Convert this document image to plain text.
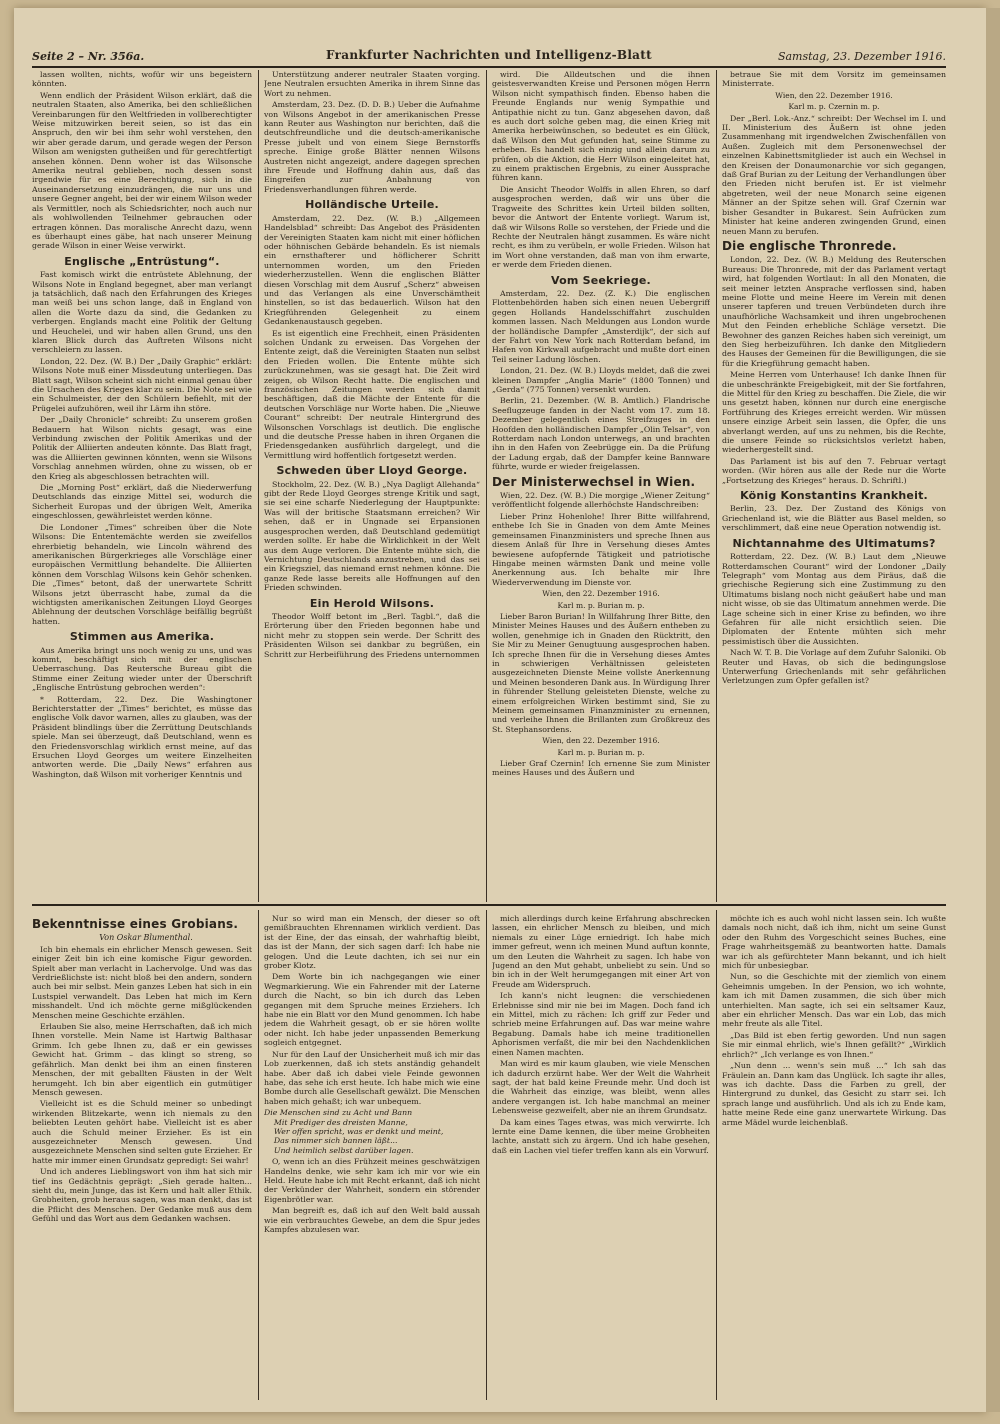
Seite 2 – Nr. 356a.	Frankfurter Nachrichten und Intelligenz-Blatt	Samstag, 23. Dezember 1916.

lassen wollten, nichts, wofür wir uns begeistern könnten.

Wenn endlich der Präsident Wilson erklärt, daß die neutralen Staaten, also Amerika, bei den schließlichen Vereinbarungen für den Weltfrieden in vollberechtigter Weise mitzuwirken bereit seien, so ist das ein Anspruch, den wir bei ihm sehr wohl verstehen, den wir aber gerade darum, und gerade wegen der Person Wilson am wenigsten gutheißen und für gerechtfertigt ansehen können. Denn woher ist das Wilsonsche Amerika neutral geblieben, noch dessen sonst irgendwie für es eine Berechtigung, sich in die Auseinandersetzung einzudrängen, die nur uns und unsere Gegner angeht, bei der wir einem Wilson weder als Vermittler, noch als Schiedsrichter, noch auch nur als wohlwollenden Teilnehmer gebrauchen oder ertragen können. Das moralische Anrecht dazu, wenn es überhaupt eines gäbe, hat nach unserer Meinung gerade Wilson in einer Weise verwirkt.

Englische „Entrüstung“.

Fast komisch wirkt die entrüstete Ablehnung, der Wilsons Note in England begegnet, aber man verlangt ja tatsächlich, daß nach den Erfahrungen des Krieges man weiß bei uns schon lange, daß in England von allen die Worte dazu da sind, die Gedanken zu verbergen. Englands macht eine Politik der Geltung und Heuchelei, und wir haben allen Grund, uns den klaren Blick durch das Auftreten Wilsons nicht verschleiern zu lassen.

London, 22. Dez. (W. B.) Der „Daily Graphic“ erklärt: Wilsons Note muß einer Missdeutung unterliegen. Das Blatt sagt, Wilson scheint sich nicht einmal genau über die Ursachen des Krieges klar zu sein. Die Note sei wie ein Schulmeister, der den Schülern befiehlt, mit der Prügelei aufzuhören, weil ihr Lärm ihn störe.

Der „Daily Chronicle“ schreibt: Zu unserem großen Bedauern hat Wilson nichts gesagt, was eine Verbindung zwischen der Politik Amerikas und der Politik der Alliierten andeuten könnte. Das Blatt fragt, was die Alliierten gewinnen könnten, wenn sie Wilsons Vorschlag annehmen würden, ohne zu wissen, ob er den Krieg als abgeschlossen betrachten will.

Die „Morning Post“ erklärt, daß die Niederwerfung Deutschlands das einzige Mittel sei, wodurch die Sicherheit Europas und der übrigen Welt, Amerika eingeschlossen, gewährleistet werden könne.

Die Londoner „Times“ schreiben über die Note Wilsons: Die Ententemächte werden sie zweifellos ehrerbietig behandeln, wie Lincoln während des amerikanischen Bürgerkrieges alle Vorschläge einer europäischen Vermittlung behandelte. Die Alliierten können dem Vorschlag Wilsons kein Gehör schenken. Die „Times“ betont, daß der unerwartete Schritt Wilsons jetzt überrascht habe, zumal da die wichtigsten amerikanischen Zeitungen Lloyd Georges Ablehnung der deutschen Vorschläge beifällig begrüßt hatten.

Stimmen aus Amerika.

Aus Amerika bringt uns noch wenig zu uns, und was kommt, beschäftigt sich mit der englischen Ueberraschung. Das Reutersche Bureau gibt die Stimme einer Zeitung wieder unter der Überschrift „Englische Entrüstung gebrochen werden“:

* Rotterdam, 22. Dez. Die Washingtoner Berichterstatter der „Times“ berichtet, es müsse das englische Volk davor warnen, alles zu glauben, was der Präsident blindlings über die Zerrüttung Deutschlands spiele. Man sei überzeugt, daß Deutschland, wenn es den Friedensvorschlag wirklich ernst meine, auf das Ersuchen Lloyd Georges um weitere Einzelheiten antworten werde. Die „Daily News“ erfahren aus Washington, daß Wilson mit vorheriger Kenntnis und

Unterstützung anderer neutraler Staaten vorging. Jene Neutralen ersuchten Amerika in ihrem Sinne das Wort zu nehmen.

Amsterdam, 23. Dez. (D. D. B.) Ueber die Aufnahme von Wilsons Angebot in der amerikanischen Presse kann Reuter aus Washington nur berichten, daß die deutschfreundliche und die deutsch-amerikanische Presse jubelt und von einem Siege Bernstorffs spreche. Einige große Blätter nennen Wilsons Austreten nicht angezeigt, andere dagegen sprechen ihre Freude und Hoffnung dahin aus, daß das Eingreifen zur Anbahnung von Friedensverhandlungen führen werde.

Holländische Urteile.

Amsterdam, 22. Dez. (W. B.) „Allgemeen Handelsblad“ schreibt: Das Angebot des Präsidenten der Vereinigten Staaten kam nicht mit einer höflichen oder höhnischen Gebärde behandeln. Es ist niemals ein ernsthafterer und höflicherer Schritt unternommen worden, um den Frieden wiederherzustellen. Wenn die englischen Blätter diesen Vorschlag mit dem Ausruf „Scherz“ abweisen und das Verlangen als eine Unverschämtheit hinstellen, so ist das bedauerlich. Wilson hat den Kriegführenden Gelegenheit zu einem Gedankenaustausch gegeben.

Es ist eigentlich eine Frechheit, einen Präsidenten solchen Undank zu erweisen. Das Vorgehen der Entente zeigt, daß die Vereinigten Staaten nun selbst den Frieden wollen. Die Entente mühte sich zurückzunehmen, was sie gesagt hat. Die Zeit wird zeigen, ob Wilson Recht hatte. Die englischen und französischen Zeitungen werden sich damit beschäftigen, daß die Mächte der Entente für die deutschen Vorschläge nur Worte haben. Die „Nieuwe Courant“ schreibt: Der neutrale Hintergrund des Wilsonschen Vorschlags ist deutlich. Die englische und die deutsche Presse haben in ihren Organen die Friedensgedanken ausführlich dargelegt, und die Vermittlung wird hoffentlich fortgesetzt werden.

Schweden über Lloyd George.

Stockholm, 22. Dez. (W. B.) „Nya Dagligt Allehanda“ gibt der Rede Lloyd Georges strenge Kritik und sagt, sie sei eine scharfe Niederlegung der Hauptpunkte: Was will der britische Staatsmann erreichen? Wir sehen, daß er in Ungnade sei Erpansionen ausgesprochen werden, daß Deutschland gedemütigt werden sollte. Er habe die Wirklichkeit in der Welt aus dem Auge verloren. Die Entente mühte sich, die Vernichtung Deutschlands anzustreben, und das sei ein Kriegsziel, das niemand ernst nehmen könne. Die ganze Rede lasse bereits alle Hoffnungen auf den Frieden schwinden.

Ein Herold Wilsons.

Theodor Wolff betont im „Berl. Tagbl.“, daß die Erörterung über den Frieden begonnen habe und nicht mehr zu stoppen sein werde. Der Schritt des Präsidenten Wilson sei dankbar zu begrüßen, ein Schritt zur Herbeiführung des Friedens unternommen

wird. Die Alldeutschen und die ihnen geistesverwandten Kreise und Personen mögen Herrn Wilson nicht sympathisch finden. Ebenso haben die Freunde Englands nur wenig Sympathie und Antipathie nicht zu tun. Ganz abgesehen davon, daß es auch dort solche geben mag, die einen Krieg mit Amerika herbeiwünschen, so bedeutet es ein Glück, daß Wilson den Mut gefunden hat, seine Stimme zu erheben. Es handelt sich einzig und allein darum zu prüfen, ob die Aktion, die Herr Wilson eingeleitet hat, zu einem praktischen Ergebnis, zu einer Aussprache führen kann.

Die Ansicht Theodor Wolffs in allen Ehren, so darf ausgesprochen werden, daß wir uns über die Tragweite des Schrittes kein Urteil bilden sollten, bevor die Antwort der Entente vorliegt. Warum ist, daß wir Wilsons Rolle so verstehen, der Friede und die Rechte der Neutralen hängt zusammen. Es wäre nicht recht, es ihm zu verübeln, er wolle Frieden. Wilson hat im Wort ohne verstanden, daß man von ihm erwarte, er werde dem Frieden dienen.

Vom Seekriege.

Amsterdam, 22. Dez. (Z. K.) Die englischen Flottenbehörden haben sich einen neuen Uebergriff gegen Hollands Handelsschiffahrt zuschulden kommen lassen. Nach Meldungen aus London wurde der holländische Dampfer „Amsterdijk“, der sich auf der Fahrt von New York nach Rotterdam befand, im Hafen von Kirkwall aufgebracht und mußte dort einen Teil seiner Ladung löschen.

London, 21. Dez. (W. B.) Lloyds meldet, daß die zwei kleinen Dampfer „Anglia Marie“ (1800 Tonnen) und „Gerda“ (775 Tonnen) versenkt wurden.

Berlin, 21. Dezember. (W. B. Amtlich.) Flandrische Seeflugzeuge fanden in der Nacht vom 17. zum 18. Dezember gelegentlich eines Streifzuges in den Hoofden den holländischen Dampfer „Olin Telsar“, von Rotterdam nach London unterwegs, an und brachten ihn in den Hafen von Zeebrügge ein. Da die Prüfung der Ladung ergab, daß der Dampfer keine Bannware führte, wurde er wieder freigelassen.

Der Ministerwechsel in Wien.

Wien, 22. Dez. (W. B.) Die morgige „Wiener Zeitung“ veröffentlicht folgende allerhöchste Handschreiben:

Lieber Prinz Hohenlohe! Ihrer Bitte willfahrend, enthebe Ich Sie in Gnaden von dem Amte Meines gemeinsamen Finanzministers und spreche Ihnen aus diesem Anlaß für Ihre in Versehung dieses Amtes bewiesene aufopfernde Tätigkeit und patriotische Hingabe meinen wärmsten Dank und meine volle Anerkennung aus. Ich behalte mir Ihre Wiederverwendung im Dienste vor.

Wien, den 22. Dezember 1916.

Karl m. p. Burian m. p.

Lieber Baron Burian! In Willfahrung Ihrer Bitte, den Minister Meines Hauses und des Äußern entheben zu wollen, genehmige ich in Gnaden den Rücktritt, den Sie Mir zu Meiner Genugtuung ausgesprochen haben. Ich spreche Ihnen für die in Versehung dieses Amtes in schwierigen Verhältnissen geleisteten ausgezeichneten Dienste Meine vollste Anerkennung und Meinen besonderen Dank aus. In Würdigung Ihrer in führender Stellung geleisteten Dienste, welche zu einem erfolgreichen Wirken bestimmt sind, Sie zu Meinem gemeinsamen Finanzminister zu ernennen, und verleihe Ihnen die Brillanten zum Großkreuz des St. Stephansordens.

Wien, den 22. Dezember 1916.

Karl m. p. Burian m. p.

Lieber Graf Czernin! Ich ernenne Sie zum Minister meines Hauses und des Äußern und

betraue Sie mit dem Vorsitz im gemeinsamen Ministerrate.

Wien, den 22. Dezember 1916.

Karl m. p. Czernin m. p.

Der „Berl. Lok.-Anz.“ schreibt: Der Wechsel im I. und II. Ministerium des Äußern ist ohne jeden Zusammenhang mit irgendwelchen Zwischenfällen von Außen. Zugleich mit dem Personenwechsel der einzelnen Kabinettsmitglieder ist auch ein Wechsel in den Kreisen der Donaumonarchie vor sich gegangen, daß Graf Burian zu der Leitung der Verhandlungen über den Frieden nicht berufen ist. Er ist vielmehr abgetreten, weil der neue Monarch seine eigenen Männer an der Spitze sehen will. Graf Czernin war bisher Gesandter in Bukarest. Sein Aufrücken zum Minister hat keine anderen zwingenden Grund, einen neuen Mann zu berufen.

Die englische Thronrede.

London, 22. Dez. (W. B.) Meldung des Reuterschen Bureaus: Die Thronrede, mit der das Parlament vertagt wird, hat folgenden Wortlaut: In all den Monaten, die seit meiner letzten Ansprache verflossen sind, haben meine Flotte und meine Heere im Verein mit denen unserer tapferen und treuen Verbündeten durch ihre unaufhörliche Wachsamkeit und ihren ungebrochenen Mut den Feinden erhebliche Schläge versetzt. Die Bewohner des ganzen Reiches haben sich vereinigt, um den Sieg herbeizuführen. Ich danke den Mitgliedern des Hauses der Gemeinen für die Bewilligungen, die sie für die Kriegführung gemacht haben.

Meine Herren vom Unterhause! Ich danke Ihnen für die unbeschränkte Freigebigkeit, mit der Sie fortfahren, die Mittel für den Krieg zu beschaffen. Die Ziele, die wir uns gesetzt haben, können nur durch eine energische Fortführung des Krieges erreicht werden. Wir müssen unsere einzige Arbeit sein lassen, die Opfer, die uns abverlangt werden, auf uns zu nehmen, bis die Rechte, die unsere Feinde so rücksichtslos verletzt haben, wiederhergestellt sind.

Das Parlament ist bis auf den 7. Februar vertagt worden. (Wir hören aus alle der Rede nur die Worte „Fortsetzung des Krieges“ heraus. D. Schriftl.)

König Konstantins Krankheit.

Berlin, 23. Dez. Der Zustand des Königs von Griechenland ist, wie die Blätter aus Basel melden, so verschlimmert, daß eine neue Operation notwendig ist.

Nichtannahme des Ultimatums?

Rotterdam, 22. Dez. (W. B.) Laut dem „Nieuwe Rotterdamschen Courant“ wird der Londoner „Daily Telegraph“ vom Montag aus dem Piräus, daß die griechische Regierung sich eine Zustimmung zu den Ultimatums bislang noch nicht geäußert habe und man nicht wisse, ob sie das Ultimatum annehmen werde. Die Lage scheine sich in einer Krise zu befinden, wo ihre Gefahren für alle nicht ersichtlich seien. Die Diplomaten der Entente mühten sich mehr pessimistisch über die Aussichten.

Nach W. T. B. Die Vorlage auf dem Zufuhr Saloniki. Ob Reuter und Havas, ob sich die bedingungslose Unterwerfung Griechenlands mit sehr gefährlichen Verletzungen zum Opfer gefallen ist?

Bekenntnisse eines Grobians.

Von Oskar Blumenthal.

Ich bin ehemals ein ehrlicher Mensch gewesen. Seit einiger Zeit bin ich eine komische Figur geworden. Spielt aber man verlacht in Lachervolge. Und was das Verdrießlichste ist: nicht bloß bei den andern, sondern auch bei mir selbst. Mein ganzes Leben hat sich in ein Lustspiel verwandelt. Das Leben hat mich im Kern misshandelt. Und ich möchte gerne mißglückenden Menschen meine Geschichte erzählen.

Erlauben Sie also, meine Herrschaften, daß ich mich Ihnen vorstelle. Mein Name ist Hartwig Balthasar Grimm. Ich gebe Ihnen zu, daß er ein gewisses Gewicht hat. Grimm – das klingt so streng, so gefährlich. Man denkt bei ihm an einen finsteren Menschen, der mit geballten Fäusten in der Welt herumgeht. Ich bin aber eigentlich ein gutmütiger Mensch gewesen.

Vielleicht ist es die Schuld meiner so unbedingt wirkenden Blitzekarte, wenn ich niemals zu den beliebten Leuten gehört habe. Vielleicht ist es aber auch die Schuld meiner Erzieher. Es ist ein ausgezeichneter Mensch gewesen. Und ausgezeichnete Menschen sind selten gute Erzieher. Er hatte mir immer einen Grundsatz gepredigt: Sei wahr!

Und ich anderes Lieblingswort von ihm hat sich mir tief ins Gedächtnis geprägt: „Sieh gerade halten... sieht du, mein Junge, das ist Kern und halt aller Ethik. Grobheiten, grob heraus sagen, was man denkt, das ist die Pflicht des Menschen. Der Gedanke muß aus dem Gefühl und das Wort aus dem Gedanken wachsen.

Nur so wird man ein Mensch, der dieser so oft gemißbrauchten Ehrennamen wirklich verdient. Das ist der Eine, der das einsah, der wahrhaftig bleibt, das ist der Mann, der sich sagen darf: Ich habe nie gelogen. Und die Leute dachten, ich sei nur ein grober Klotz.

Dem Worte bin ich nachgegangen wie einer Wegmarkierung. Wie ein Fahrender mit der Laterne durch die Nacht, so bin ich durch das Leben gegangen mit dem Spruche meines Erziehers. Ich habe nie ein Blatt vor den Mund genommen. Ich habe jedem die Wahrheit gesagt, ob er sie hören wollte oder nicht. Ich habe jeder unpassenden Bemerkung sogleich entgegnet.

Nur für den Lauf der Unsicherheit muß ich mir das Lob zuerkennen, daß ich stets anständig gehandelt habe. Aber daß ich dabei viele Feinde gewonnen habe, das sehe ich erst heute. Ich habe mich wie eine Bombe durch alle Gesellschaft gewälzt. Die Menschen haben mich gehaßt; ich war unbequem.

Die Menschen sind zu Acht und Bann
Mit Prediger des dreisten Manne,
Wer offen spricht, was er denkt und meint,
Das nimmer sich bannen läßt...
Und heimlich selbst darüber lagen.

O, wenn ich an dies Frühzeit meines geschwätzigen Handelns denke, wie sehr kam ich mir vor wie ein Held. Heute habe ich mit Recht erkannt, daß ich nicht der Verkünder der Wahrheit, sondern ein störender Eigenbrötler war.

Man begreift es, daß ich auf den Welt bald aussah wie ein verbrauchtes Gewebe, an dem die Spur jedes Kampfes abzulesen war.

mich allerdings durch keine Erfahrung abschrecken lassen, ein ehrlicher Mensch zu bleiben, und mich niemals zu einer Lüge erniedrigt. Ich habe mich immer gefreut, wenn ich meinen Mund auftun konnte, um den Leuten die Wahrheit zu sagen. Ich habe von Jugend an den Mut gehabt, unbeliebt zu sein. Und so bin ich in der Welt herumgegangen mit einer Art von Freude am Widerspruch.

Ich kann's nicht leugnen: die verschiedenen Erlebnisse sind mir nie bei im Magen. Doch fand ich ein Mittel, mich zu rächen: Ich griff zur Feder und schrieb meine Erfahrungen auf. Das war meine wahre Begabung. Damals habe ich meine traditionellen Aphorismen verfaßt, die mir bei den Nachdenklichen einen Namen machten.

Man wird es mir kaum glauben, wie viele Menschen ich dadurch erzürnt habe. Wer der Welt die Wahrheit sagt, der hat bald keine Freunde mehr. Und doch ist die Wahrheit das einzige, was bleibt, wenn alles andere vergangen ist. Ich habe manchmal an meiner Lebensweise gezweifelt, aber nie an ihrem Grundsatz.

Da kam eines Tages etwas, was mich verwirrte. Ich lernte eine Dame kennen, die über meine Grobheiten lachte, anstatt sich zu ärgern. Und ich habe gesehen, daß ein Lachen viel tiefer treffen kann als ein Vorwurf.

möchte ich es auch wohl nicht lassen sein. Ich wußte damals noch nicht, daß ich ihm, nicht um seine Gunst oder den Ruhm des Vorgeschicht seines Buches, eine Frage wahrheitsgemäß zu beantworten hatte. Damals war ich als gefürchteter Mann bekannt, und ich hielt mich für unbesiegbar.

Nun, so die Geschichte mit der ziemlich von einem Geheimnis umgeben. In der Pension, wo ich wohnte, kam ich mit Damen zusammen, die sich über mich unterhielten. Man sagte, ich sei ein seltsamer Kauz, aber ein ehrlicher Mensch. Das war ein Lob, das mich mehr freute als alle Titel.

„Das Bild ist eben fertig geworden. Und nun sagen Sie mir einmal ehrlich, wie's Ihnen gefällt?“ „Wirklich ehrlich?“ „Ich verlange es von Ihnen.“

„Nun denn ... wenn's sein muß ...“ Ich sah das Fräulein an. Dann kam das Unglück. Ich sagte ihr alles, was ich dachte. Dass die Farben zu grell, der Hintergrund zu dunkel, das Gesicht zu starr sei. Ich sprach lange und ausführlich. Und als ich zu Ende kam, hatte meine Rede eine ganz unerwartete Wirkung. Das arme Mädel wurde leichenblaß.
